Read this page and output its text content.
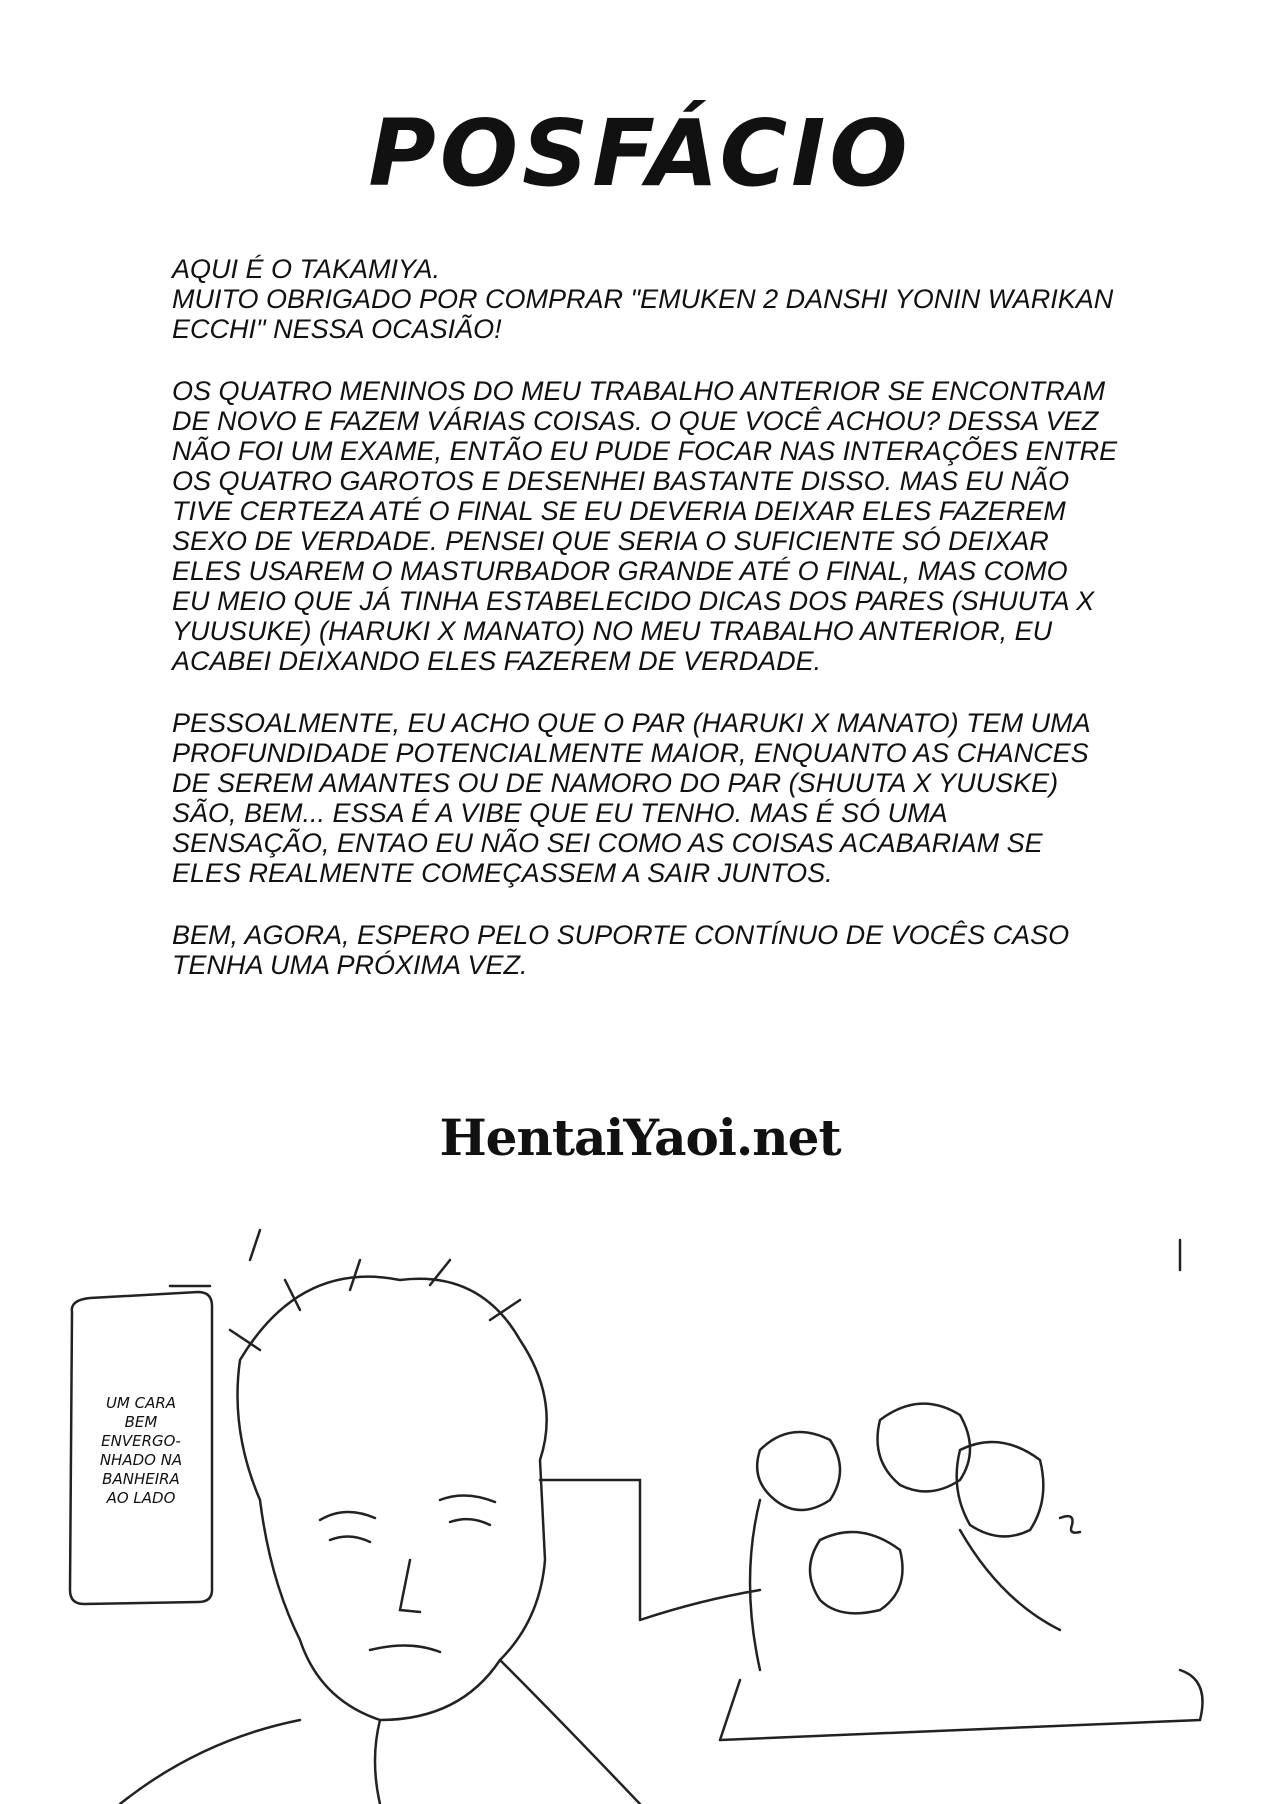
POSFÁCIO
AQUI É O TAKAMIYA.
MUITO OBRIGADO POR COMPRAR "EMUKEN 2 DANSHI YONIN WARIKAN
ECCHI" NESSA OCASIÃO!
OS QUATRO MENINOS DO MEU TRABALHO ANTERIOR SE ENCONTRAM
DE NOVO E FAZEM VÁRIAS COISAS. O QUE VOCÊ ACHOU? DESSA VEZ
NÃO FOI UM EXAME, ENTÃO EU PUDE FOCAR NAS INTERAÇÕES ENTRE
OS QUATRO GAROTOS E DESENHEI BASTANTE DISSO. MAS EU NÃO
TIVE CERTEZA ATÉ O FINAL SE EU DEVERIA DEIXAR ELES FAZEREM
SEXO DE VERDADE. PENSEI QUE SERIA O SUFICIENTE SÓ DEIXAR
ELES USAREM O MASTURBADOR GRANDE ATÉ O FINAL, MAS COMO
EU MEIO QUE JÁ TINHA ESTABELECIDO DICAS DOS PARES (SHUUTA X
YUUSUKE) (HARUKI X MANATO) NO MEU TRABALHO ANTERIOR, EU
ACABEI DEIXANDO ELES FAZEREM DE VERDADE.
PESSOALMENTE, EU ACHO QUE O PAR (HARUKI X MANATO) TEM UMA
PROFUNDIDADE POTENCIALMENTE MAIOR, ENQUANTO AS CHANCES
DE SEREM AMANTES OU DE NAMORO DO PAR (SHUUTA X YUUSKE)
SÃO, BEM... ESSA É A VIBE QUE EU TENHO. MAS É SÓ UMA
SENSAÇÃO, ENTAO EU NÃO SEI COMO AS COISAS ACABARIAM SE
ELES REALMENTE COMEÇASSEM A SAIR JUNTOS.
BEM, AGORA, ESPERO PELO SUPORTE CONTÍNUO DE VOCÊS CASO
TENHA UMA PRÓXIMA VEZ.
HentaiYaoi.net
UM CARA
BEM
ENVERGO-
NHADO NA
BANHEIRA
AO LADO
